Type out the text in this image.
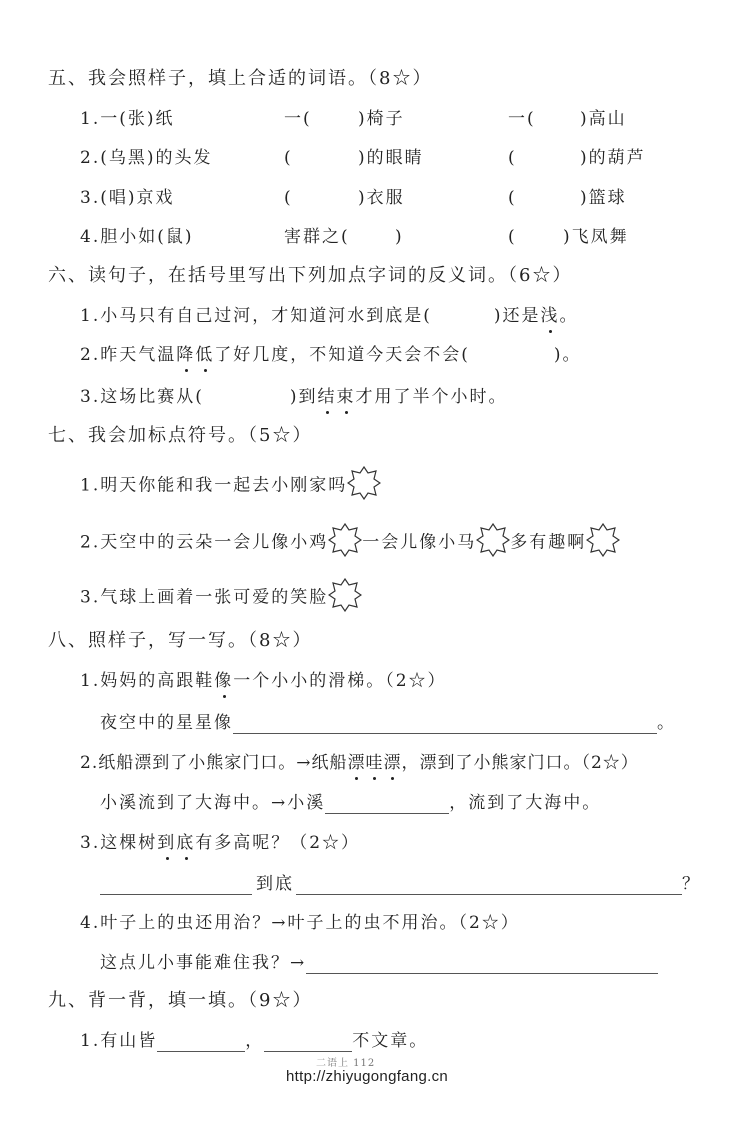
五、我会照样子，填上合适的词语。（8☆）
1.一(张)纸	一(	)椅子	一(	)高山
2.(乌黑)的头发	(	)的眼睛	(	)的葫芦
3.(唱)京戏	(	)衣服	(	)篮球
4.胆小如(鼠)	害群之(	)	(	)飞凤舞
六、读句子，在括号里写出下列加点字词的反义词。（6☆）
1.小马只有自己过河，才知道河水到底是(	)还是浅。
2.昨天气温降低了好几度，不知道今天会不会(	)。
3.这场比赛从(	)到结束才用了半个小时。
七、我会加标点符号。（5☆）
1.明天你能和我一起去小刚家吗
2.天空中的云朵一会儿像小鸡 一会儿像小马 多有趣啊
3.气球上画着一张可爱的笑脸
八、照样子，写一写。（8☆）
1.妈妈的高跟鞋像一个小小的滑梯。（2☆）
夜空中的星星像	。
2.纸船漂到了小熊家门口。→纸船漂哇漂，漂到了小熊家门口。（2☆）
小溪流到了大海中。→小溪	，流到了大海中。
3.这棵树到底有多高呢？（2☆）
到底	？
4.叶子上的虫还用治？→叶子上的虫不用治。（2☆）
这点儿小事能难住我？→
九、背一背，填一填。（9☆）
1.有山皆	，	不文章。
二语上 112
http://zhiyugongfang.cn
